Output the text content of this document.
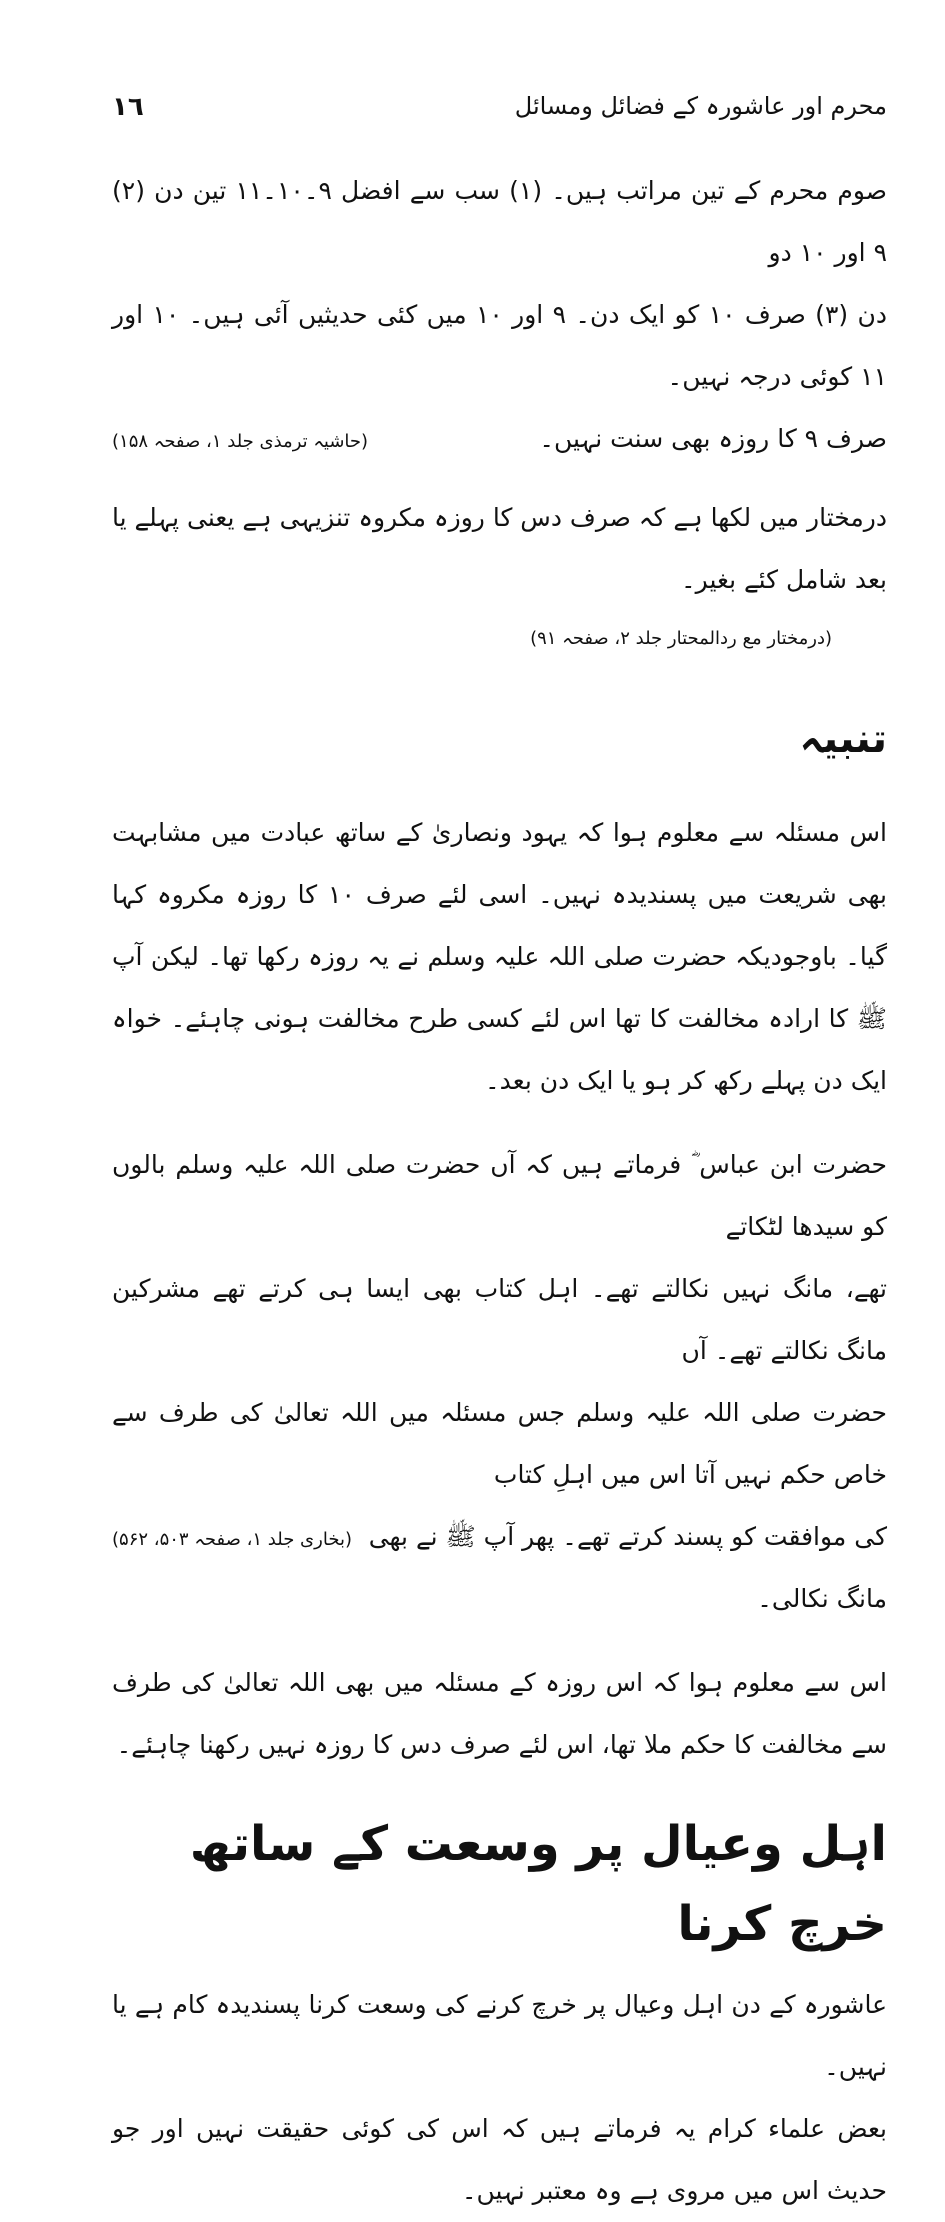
١٦	محرم اور عاشورہ کے فضائل ومسائل

صوم محرم کے تین مراتب ہیں۔ (۱) سب سے افضل ۹۔۱۰۔۱۱ تین دن (۲) ۹ اور ۱۰ دو

دن (۳) صرف ۱۰ کو ایک دن۔ ۹ اور ۱۰ میں کئی حدیثیں آئی ہیں۔ ۱۰ اور ۱۱ کوئی درجہ نہیں۔

صرف ۹ کا روزہ بھی سنت نہیں۔
(حاشیہ ترمذی جلد ۱، صفحہ ۱۵۸)

درمختار میں لکھا ہے کہ صرف دس کا روزہ مکروہ تنزیہی ہے یعنی پہلے یا بعد شامل کئے بغیر۔

(درمختار مع ردالمحتار جلد ۲، صفحہ ۹۱)

تنبیہ

اس مسئلہ سے معلوم ہوا کہ یہود ونصاریٰ کے ساتھ عبادت میں مشابہت بھی شریعت میں پسندیدہ نہیں۔ اسی لئے صرف ۱۰ کا روزہ مکروہ کہا گیا۔ باوجودیکہ حضرت صلی اللہ علیہ وسلم نے یہ روزہ رکھا تھا۔ لیکن آپ ﷺ کا ارادہ مخالفت کا تھا اس لئے کسی طرح مخالفت ہونی چاہئے۔ خواہ ایک دن پہلے رکھ کر ہو یا ایک دن بعد۔

حضرت ابن عباس ؓ فرماتے ہیں کہ آں حضرت صلی اللہ علیہ وسلم بالوں کو سیدھا لٹکاتے

تھے، مانگ نہیں نکالتے تھے۔ اہل کتاب بھی ایسا ہی کرتے تھے مشرکین مانگ نکالتے تھے۔ آں

حضرت صلی اللہ علیہ وسلم جس مسئلہ میں اللہ تعالیٰ کی طرف سے خاص حکم نہیں آتا اس میں اہلِ کتاب

کی موافقت کو پسند کرتے تھے۔ پھر آپ ﷺ نے بھی مانگ نکالی۔
(بخاری جلد ۱، صفحہ ۵۰۳، ۵۶۲)

اس سے معلوم ہوا کہ اس روزہ کے مسئلہ میں بھی اللہ تعالیٰ کی طرف سے مخالفت کا حکم ملا تھا، اس لئے صرف دس کا روزہ نہیں رکھنا چاہئے۔

اہل وعیال پر وسعت کے ساتھ خرچ کرنا

عاشورہ کے دن اہل وعیال پر خرچ کرنے کی وسعت کرنا پسندیدہ کام ہے یا نہیں۔

بعض علماء کرام یہ فرماتے ہیں کہ اس کی کوئی حقیقت نہیں اور جو حدیث اس میں مروی ہے وہ معتبر نہیں۔
